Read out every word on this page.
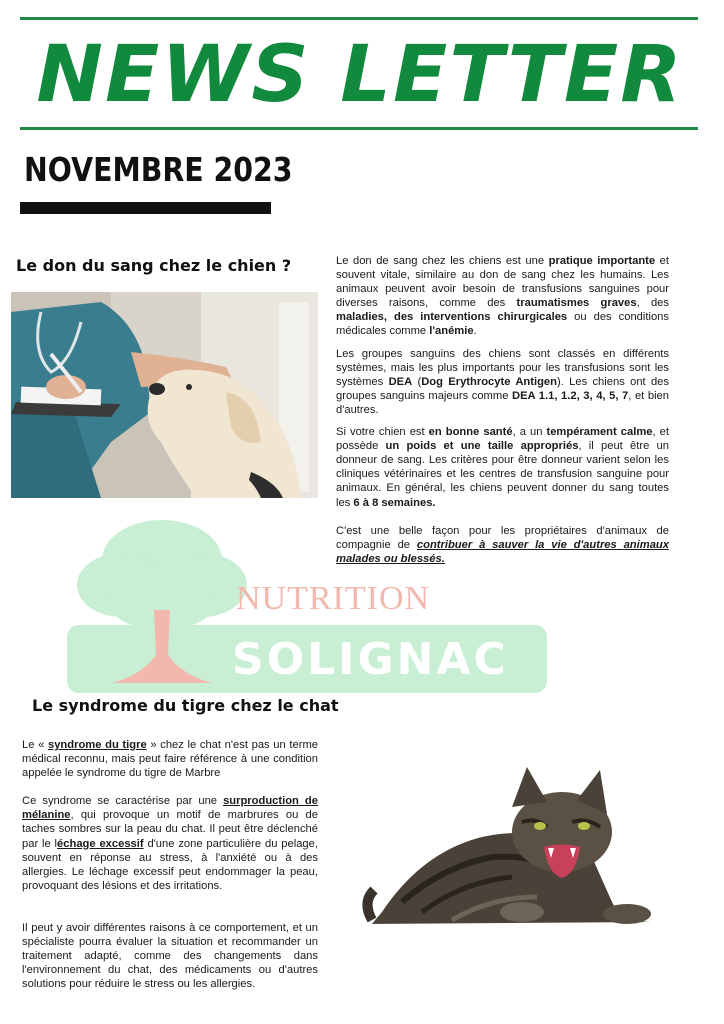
NEWS LETTER
NOVEMBRE 2023
Le don du sang chez le chien ?	Le don de sang chez les chiens est une pratique importante et souvent vitale, similaire au don de sang chez les humains. Les animaux peuvent avoir besoin de transfusions sanguines pour diverses raisons, comme des traumatismes graves, des maladies, des interventions chirurgicales ou des conditions médicales comme l'anémie.

Les groupes sanguins des chiens sont classés en différents systèmes, mais les plus importants pour les transfusions sont les systèmes DEA (Dog Erythrocyte Antigen). Les chiens ont des groupes sanguins majeurs comme DEA 1.1, 1.2, 3, 4, 5, 7, et bien d'autres.

Si votre chien est en bonne santé, a un tempérament calme, et possède un poids et une taille appropriés, il peut être un donneur de sang. Les critères pour être donneur varient selon les cliniques vétérinaires et les centres de transfusion sanguine pour animaux. En général, les chiens peuvent donner du sang toutes les 6 à 8 semaines.

C'est une belle façon pour les propriétaires d'animaux de compagnie de contribuer à sauver la vie d'autres animaux malades ou blessés.

NUTRITION
SOLIGNAC
Le syndrome du tigre chez le chat

Le « syndrome du tigre » chez le chat n'est pas un terme médical reconnu, mais peut faire référence à une condition appelée le syndrome du tigre de Marbre

Ce syndrome se caractérise par une surproduction de mélanine, qui provoque un motif de marbrures ou de taches sombres sur la peau du chat. Il peut être déclenché par le léchage excessif d'une zone particulière du pelage, souvent en réponse au stress, à l'anxiété ou à des allergies. Le léchage excessif peut endommager la peau, provoquant des lésions et des irritations.

Il peut y avoir différentes raisons à ce comportement, et un spécialiste pourra évaluer la situation et recommander un traitement adapté, comme des changements dans l'environnement du chat, des médicaments ou d'autres solutions pour réduire le stress ou les allergies.
